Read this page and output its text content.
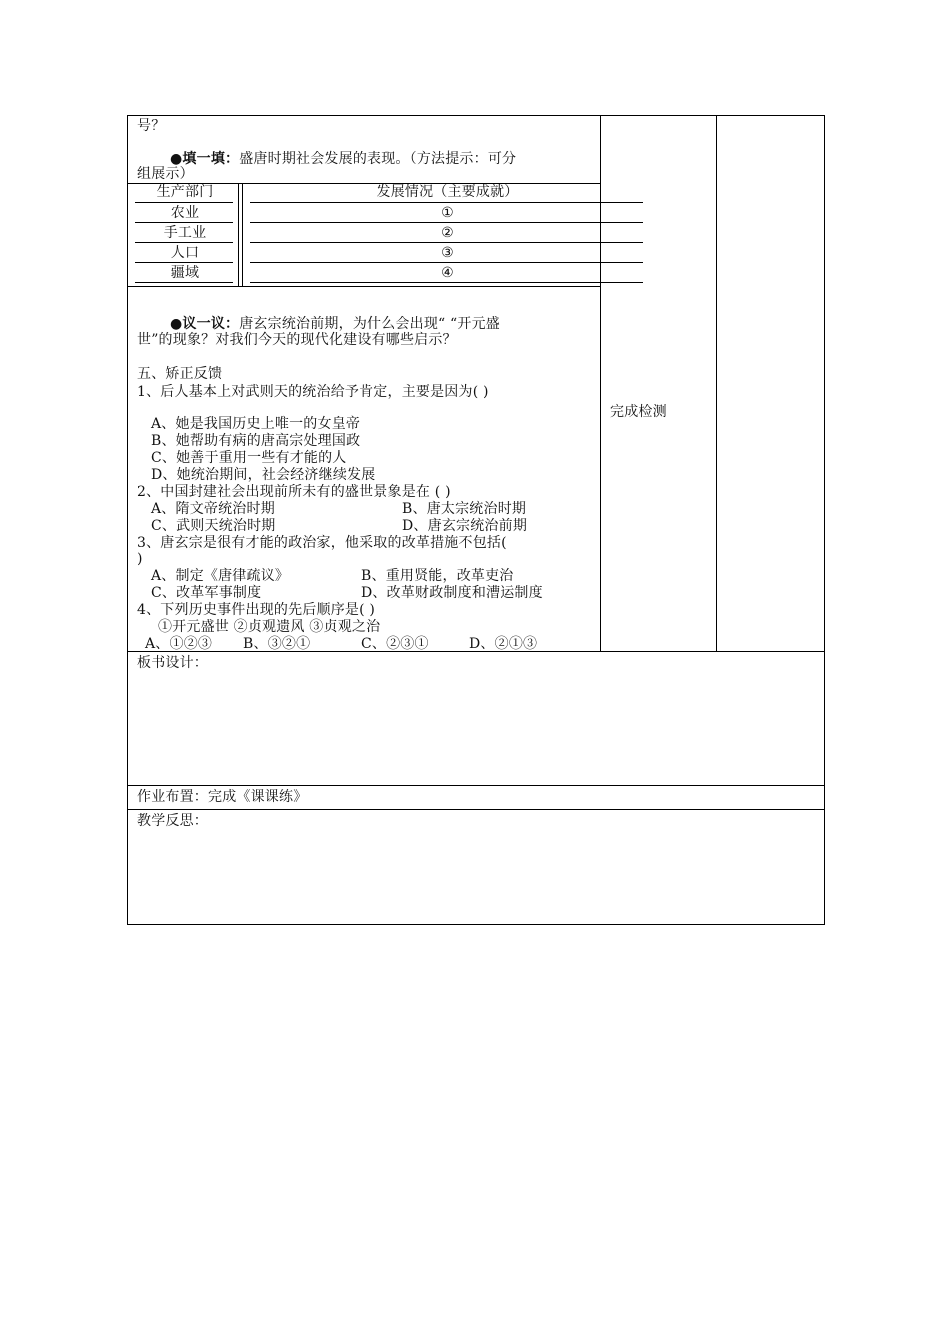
号？
●填一填：盛唐时期社会发展的表现。（方法提示：可分
组展示）
生产部门	发展情况（主要成就）
农业	①
手工业	②
人口	③
疆域	④
●议一议：唐玄宗统治前期，为什么会出现“ “开元盛
世”的现象？对我们今天的现代化建设有哪些启示？
五、矫正反馈
1、后人基本上对武则天的统治给予肯定，主要是因为( )
A、她是我国历史上唯一的女皇帝
B、她帮助有病的唐高宗处理国政
C、她善于重用一些有才能的人
D、她统治期间，社会经济继续发展
2、中国封建社会出现前所未有的盛世景象是在 ( )
A、隋文帝统治时期	B、唐太宗统治时期
C、武则天统治时期	D、唐玄宗统治前期
3、唐玄宗是很有才能的政治家，他采取的改革措施不包括(
)
A、制定《唐律疏议》	B、重用贤能，改革吏治
C、改革军事制度	D、改革财政制度和漕运制度
4、下列历史事件出现的先后顺序是( )
①开元盛世 ②贞观遗风 ③贞观之治
A、①②③ B、③②①	C、②③①	D、②①③
完成检测
板书设计：
作业布置：完成《课课练》
教学反思：
